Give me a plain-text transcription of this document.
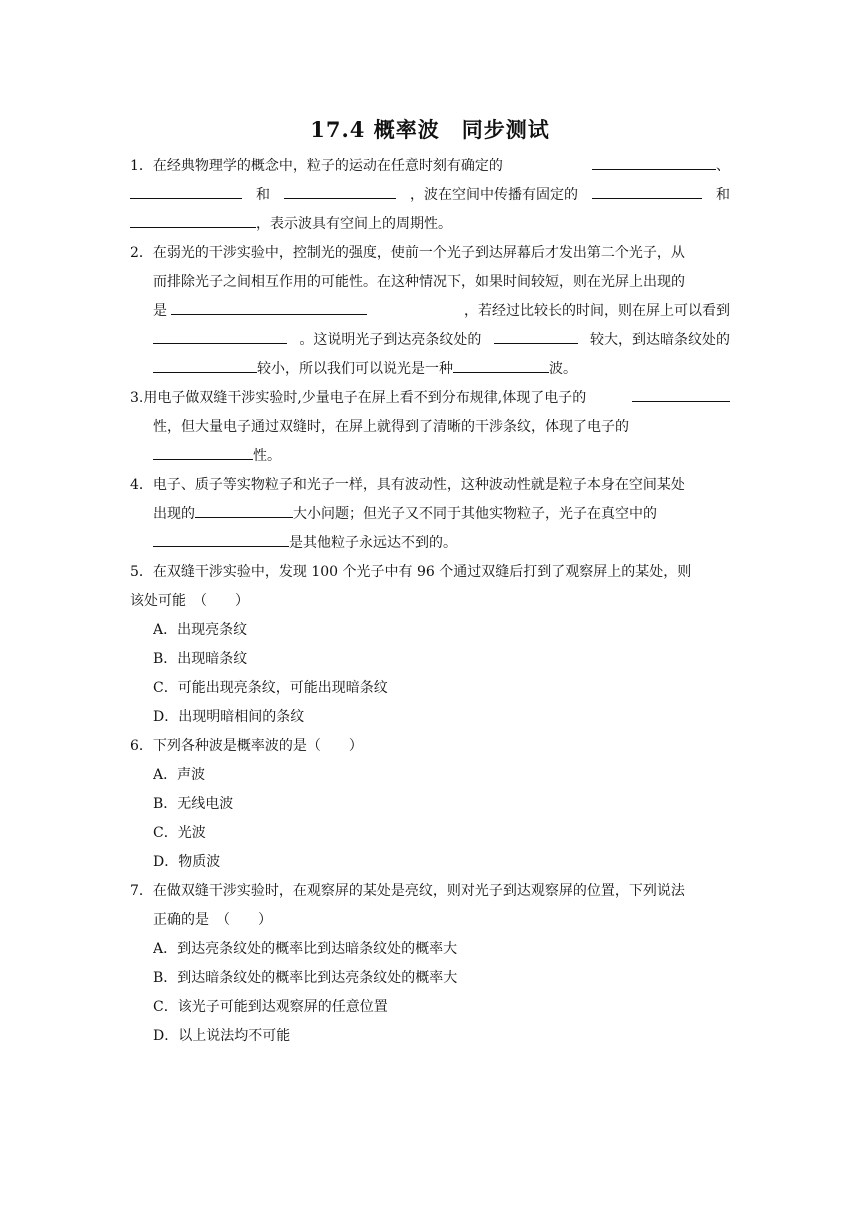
17.4 概率波　同步测试
1．在经典物理学的概念中，粒子的运动在任意时刻有确定的	、
和	，波在空间中传播有固定的	和
，表示波具有空间上的周期性。
2．在弱光的干涉实验中，控制光的强度，使前一个光子到达屏幕后才发出第二个光子，从
而排除光子之间相互作用的可能性。在这种情况下，如果时间较短，则在光屏上出现的
是	，若经过比较长的时间，则在屏上可以看到
。这说明光子到达亮条纹处的	较大，到达暗条纹处的
较小，所以我们可以说光是一种	波。
3.用电子做双缝干涉实验时,少量电子在屏上看不到分布规律,体现了电子的
性，但大量电子通过双缝时，在屏上就得到了清晰的干涉条纹，体现了电子的
性。
4．电子、质子等实物粒子和光子一样，具有波动性，这种波动性就是粒子本身在空间某处
出现的	大小问题；但光子又不同于其他实物粒子，光子在真空中的
是其他粒子永远达不到的。
5．在双缝干涉实验中，发现 100 个光子中有 96 个通过双缝后打到了观察屏上的某处，则
该处可能　（　　）
A．出现亮条纹
B．出现暗条纹
C．可能出现亮条纹，可能出现暗条纹
D．出现明暗相间的条纹
6．下列各种波是概率波的是（　　）
A．声波
B．无线电波
C．光波
D．物质波
7．在做双缝干涉实验时，在观察屏的某处是亮纹，则对光子到达观察屏的位置，下列说法
正确的是　（　　）
A．到达亮条纹处的概率比到达暗条纹处的概率大
B．到达暗条纹处的概率比到达亮条纹处的概率大
C．该光子可能到达观察屏的任意位置
D．以上说法均不可能
